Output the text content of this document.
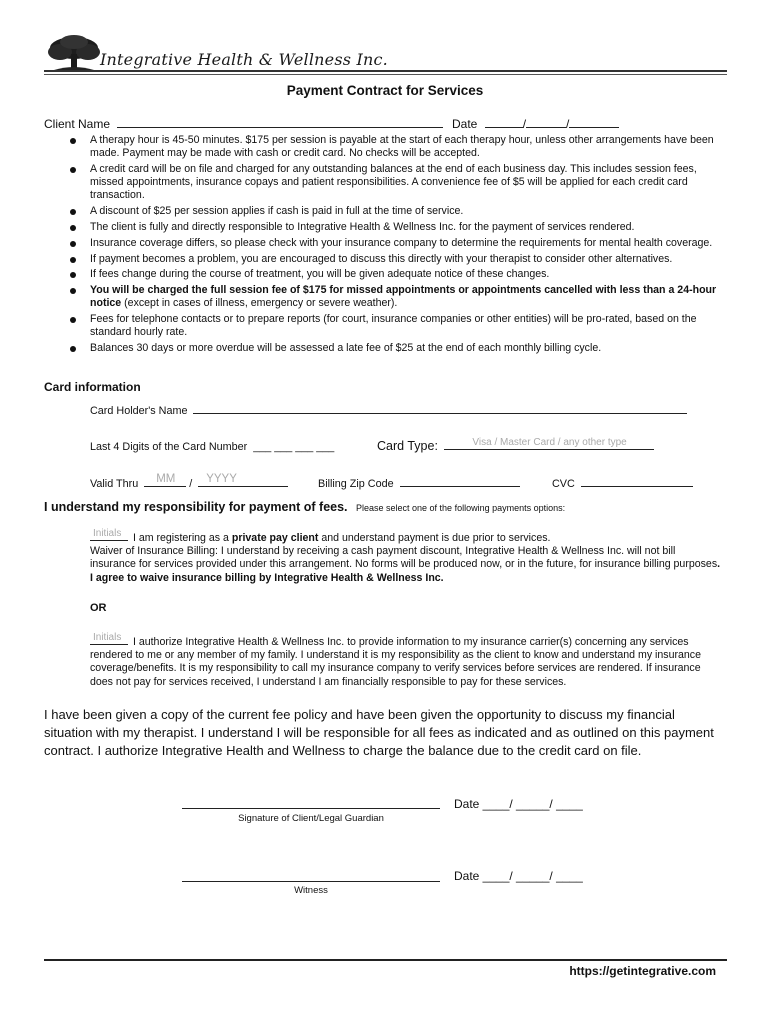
Integrative Health & Wellness Inc.
Payment Contract for Services
Client Name	Date	/	/
A therapy hour is 45-50 minutes. $175 per session is payable at the start of each therapy hour, unless other arrangements have been made. Payment may be made with cash or credit card. No checks will be accepted.
A credit card will be on file and charged for any outstanding balances at the end of each business day. This includes session fees, missed appointments, insurance copays and patient responsibilities. A convenience fee of $5 will be applied for each credit card transaction.
A discount of $25 per session applies if cash is paid in full at the time of service.
The client is fully and directly responsible to Integrative Health & Wellness Inc. for the payment of services rendered.
Insurance coverage differs, so please check with your insurance company to determine the requirements for mental health coverage.
If payment becomes a problem, you are encouraged to discuss this directly with your therapist to consider other alternatives.
If fees change during the course of treatment, you will be given adequate notice of these changes.
You will be charged the full session fee of $175 for missed appointments or appointments cancelled with less than a 24-hour notice (except in cases of illness, emergency or severe weather).
Fees for telephone contacts or to prepare reports (for court, insurance companies or other entities) will be pro-rated, based on the standard hourly rate.
Balances 30 days or more overdue will be assessed a late fee of $25 at the end of each monthly billing cycle.
Card information
Card Holder's Name
Last 4 Digits of the Card Number ___ ___ ___ ___	Card Type:	Visa / Master Card / any other type
Valid Thru MM / YYYY	Billing Zip Code	CVC
I understand my responsibility for payment of fees. Please select one of the following payments options:
Initials I am registering as a private pay client and understand payment is due prior to services.
Waiver of Insurance Billing: I understand by receiving a cash payment discount, Integrative Health & Wellness Inc. will not bill insurance for services provided under this arrangement. No forms will be produced now, or in the future, for insurance billing purposes. I agree to waive insurance billing by Integrative Health & Wellness Inc.
OR
Initials I authorize Integrative Health & Wellness Inc. to provide information to my insurance carrier(s) concerning any services rendered to me or any member of my family. I understand it is my responsibility as the client to know and understand my insurance coverage/benefits. It is my responsibility to call my insurance company to verify services before services are rendered. If insurance does not pay for services received, I understand I am financially responsible to pay for these services.
I have been given a copy of the current fee policy and have been given the opportunity to discuss my financial situation with my therapist. I understand I will be responsible for all fees as indicated and as outlined on this payment contract. I authorize Integrative Health and Wellness to charge the balance due to the credit card on file.
Signature of Client/Legal Guardian
Date ____/ _____/ ____
Witness
Date ____/ _____/ ____
https://getintegrative.com
